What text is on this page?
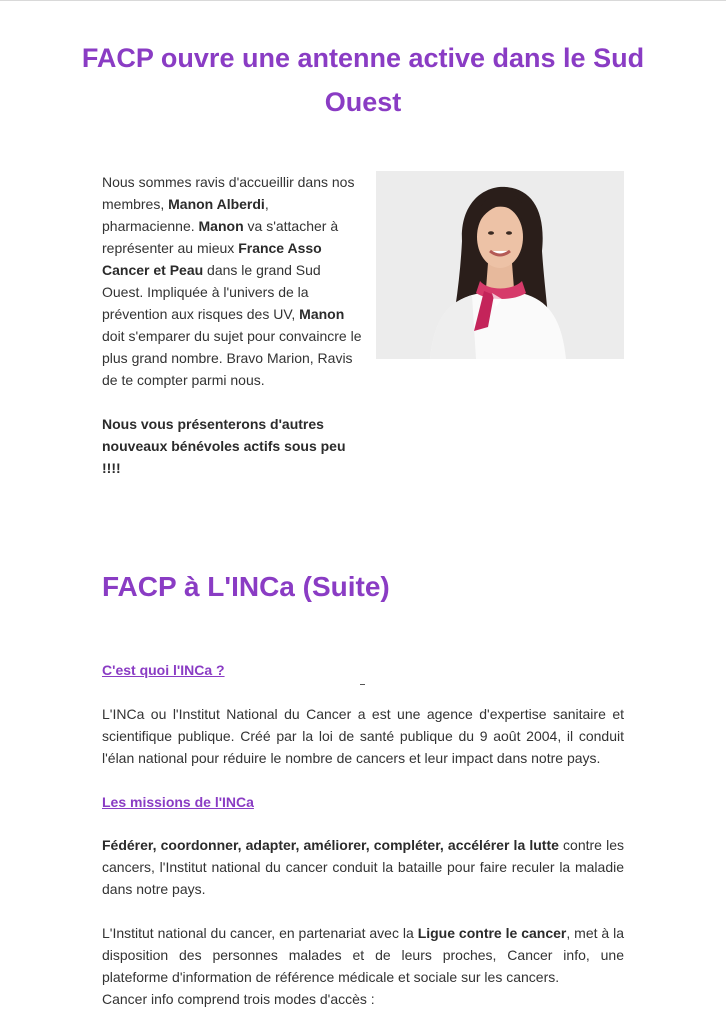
FACP ouvre une antenne active dans le Sud Ouest

Nous sommes ravis d'accueillir dans nos membres, Manon Alberdi, pharmacienne. Manon va s'attacher à représenter au mieux France Asso Cancer et Peau dans le grand Sud Ouest. Impliquée à l'univers de la prévention aux risques des UV, Manon doit s'emparer du sujet pour convaincre le plus grand nombre. Bravo Marion, Ravis de te compter parmi nous.

Nous vous présenterons d'autres nouveaux bénévoles actifs sous peu !!!!

FACP à L'INCa (Suite)

C'est quoi l'INCa ?

L'INCa ou l'Institut National du Cancer a est une agence d'expertise sanitaire et scientifique publique. Créé par la loi de santé publique du 9 août 2004, il conduit l'élan national pour réduire le nombre de cancers et leur impact dans notre pays.

Les missions de l'INCa

Fédérer, coordonner, adapter, améliorer, compléter, accélérer la lutte contre les cancers, l'Institut national du cancer conduit la bataille pour faire reculer la maladie dans notre pays.

L'Institut national du cancer, en partenariat avec la Ligue contre le cancer, met à la disposition des personnes malades et de leurs proches, Cancer info, une plateforme d'information de référence médicale et sociale sur les cancers.

Cancer info comprend trois modes d'accès :
